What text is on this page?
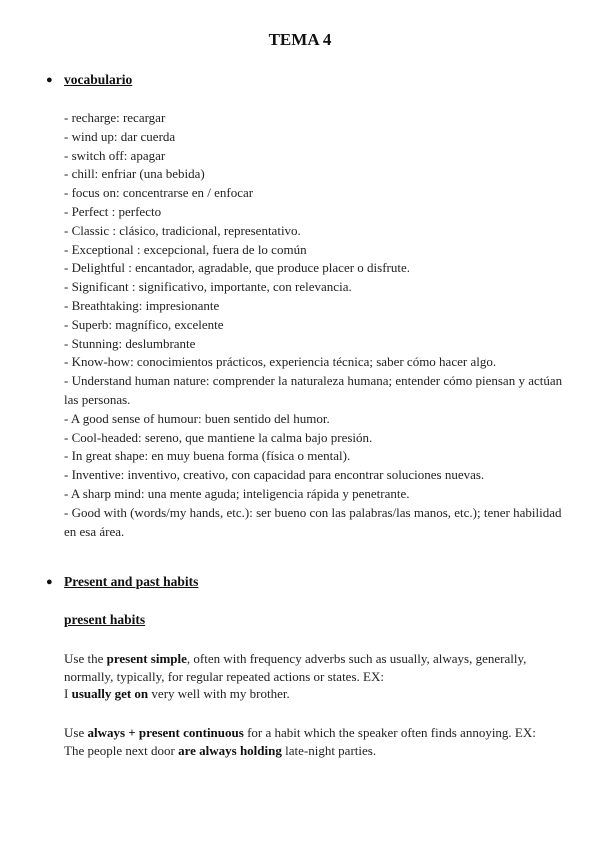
TEMA 4
● vocabulario
- recharge: recargar
- wind up: dar cuerda
- switch off: apagar
- chill: enfriar (una bebida)
- focus on: concentrarse en / enfocar
- Perfect : perfecto
- Classic : clásico, tradicional, representativo.
- Exceptional : excepcional, fuera de lo común
- Delightful : encantador, agradable, que produce placer o disfrute.
- Significant : significativo, importante, con relevancia.
- Breathtaking: impresionante
- Superb: magnífico, excelente
- Stunning: deslumbrante
- Know-how: conocimientos prácticos, experiencia técnica; saber cómo hacer algo.
- Understand human nature: comprender la naturaleza humana; entender cómo piensan y actúan las personas.
- A good sense of humour: buen sentido del humor.
- Cool-headed: sereno, que mantiene la calma bajo presión.
- In great shape: en muy buena forma (física o mental).
- Inventive: inventivo, creativo, con capacidad para encontrar soluciones nuevas.
- A sharp mind: una mente aguda; inteligencia rápida y penetrante.
- Good with (words/my hands, etc.): ser bueno con las palabras/las manos, etc.); tener habilidad en esa área.
● Present and past habits
present habits
Use the present simple, often with frequency adverbs such as usually, always, generally, normally, typically, for regular repeated actions or states. EX:
I usually get on very well with my brother.
Use always + present continuous for a habit which the speaker often finds annoying. EX:
The people next door are always holding late-night parties.
